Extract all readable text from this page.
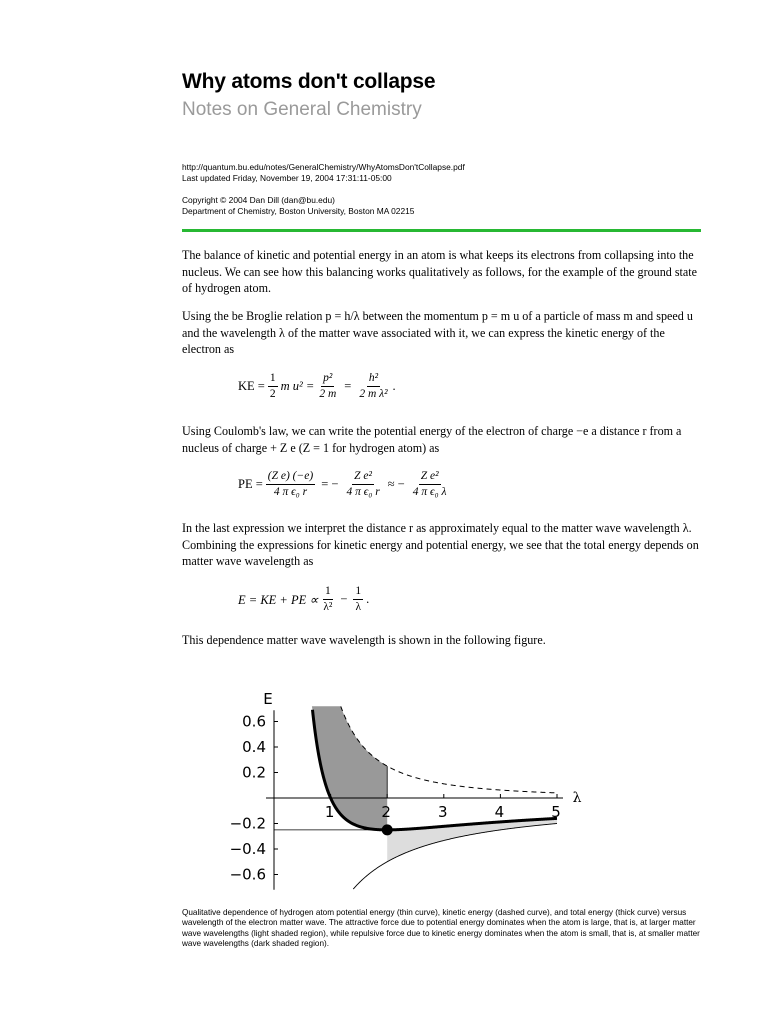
Why atoms don't collapse
Notes on General Chemistry
http://quantum.bu.edu/notes/GeneralChemistry/WhyAtomsDon'tCollapse.pdf
Last updated Friday, November 19, 2004 17:31:11-05:00
Copyright © 2004 Dan Dill (dan@bu.edu)
Department of Chemistry, Boston University, Boston MA 02215

The balance of kinetic and potential energy in an atom is what keeps its electrons from collapsing into the nucleus. We can see how this balancing works qualitatively as follows, for the example of the ground state of hydrogen atom.

Using the be Broglie relation p = h/λ between the momentum p = m u of a particle of mass m and speed u and the wavelength λ of the matter wave associated with it, we can express the kinetic energy of the electron as

KE = $\frac{1}{2}$ m $u^2 = \frac{\text{p²}}{2 m} = \frac{\text{h²}}{\text{2 m λ²}}$ .

Using Coulomb's law, we can write the potential energy of the electron of charge −e a distance r from a nucleus of charge + Z e (Z = 1 for hydrogen atom) as

PE = $\frac{\text{(Z e) (−e)}}{\text{4 π ϵ₀ r}}$ = − $\frac{\text{Z e²}}{\text{4 π ϵ₀ r}}$ ≈ − $\frac{\text{Z e²}}{\text{4 π ϵ₀ λ}}$

In the last expression we interpret the distance r as approximately equal to the matter wave wavelength λ. Combining the expressions for kinetic energy and potential energy, we see that the total energy depends on matter wave wavelength as

E = KE + PE ∝ $\frac{1}{\text{λ²}} - \frac{1}{\lambda}$ .

This dependence matter wave wavelength is shown in the following figure.

1	2	3	4	5
0.6
0.4
0.2
−0.2
−0.4
−0.6
E
λ

Qualitative dependence of hydrogen atom potential energy (thin curve), kinetic energy (dashed curve), and total energy (thick curve) versus wavelength of the electron matter wave. The attractive force due to potential energy dominates when the atom is large, that is, at larger matter wave wavelengths (light shaded region), while repulsive force due to kinetic energy dominates when the atom is small, that is, at smaller matter wave wavelengths (dark shaded region).
